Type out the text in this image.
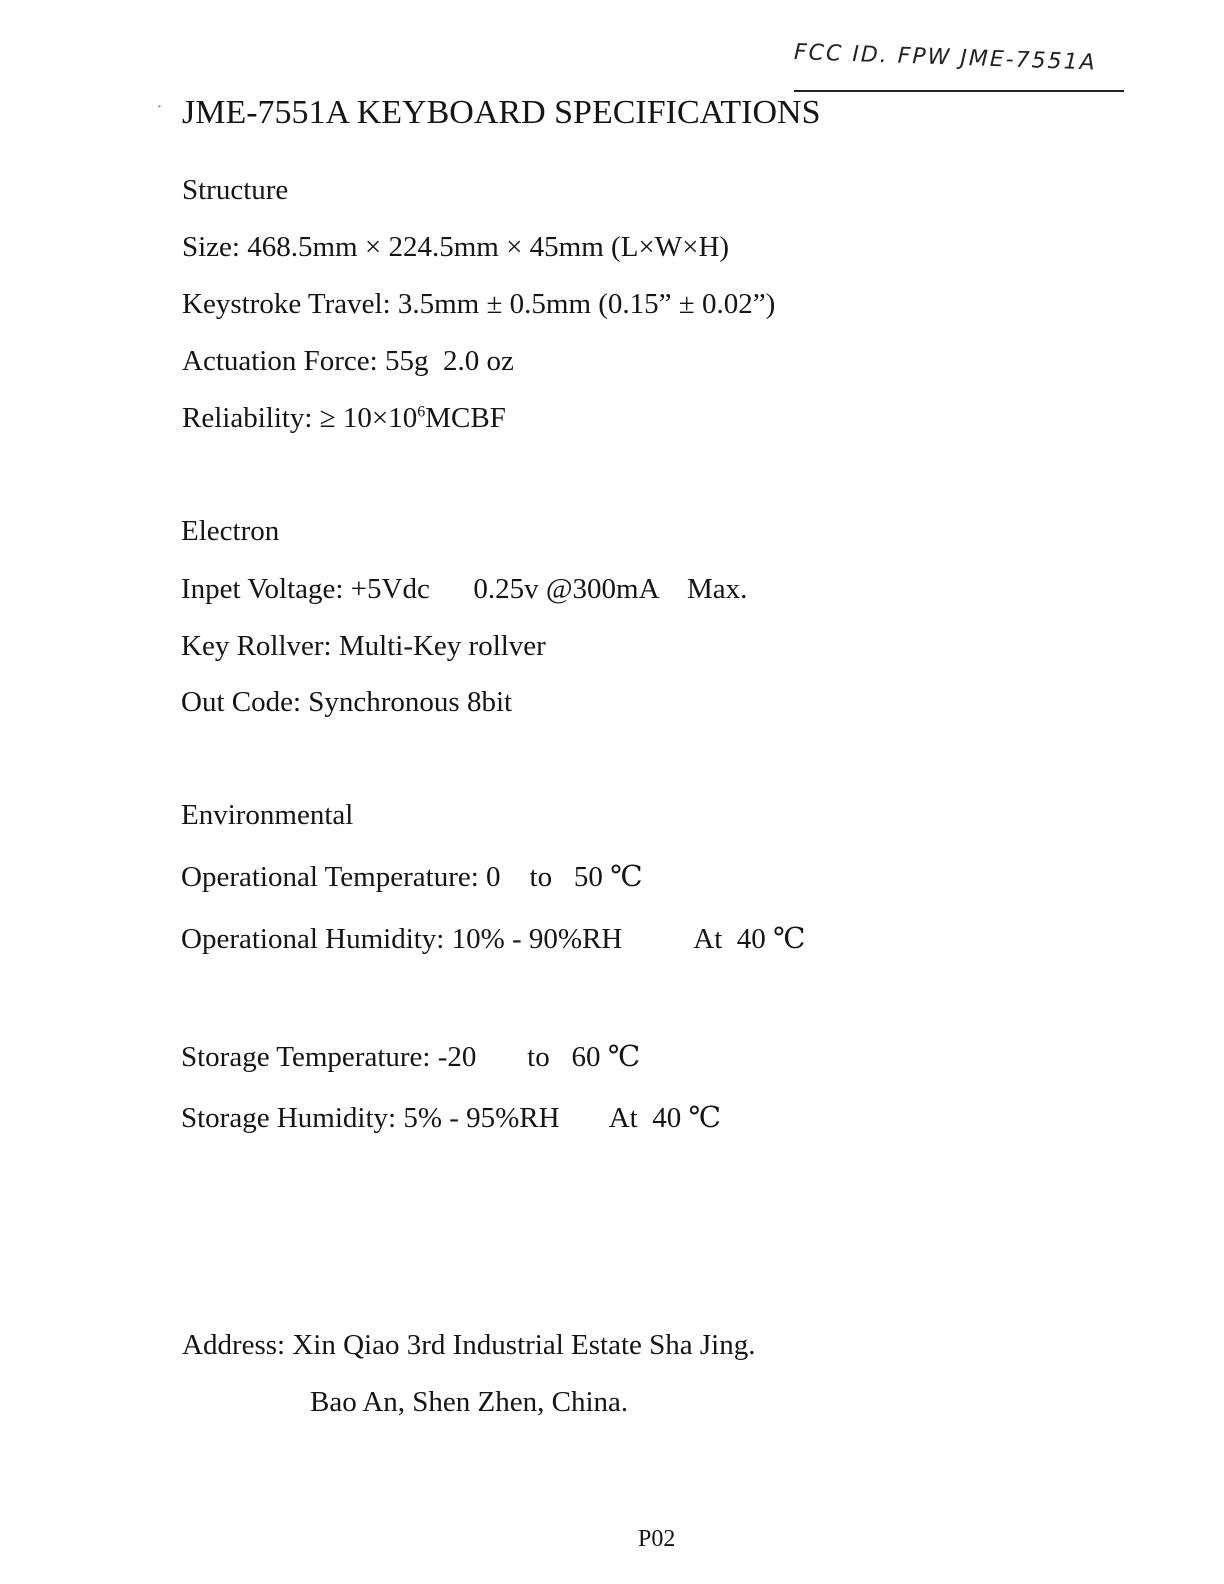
FCC ID. FPW JME-7551A
ˊ JME-7551A KEYBOARD SPECIFICATIONS
Structure
Size: 468.5mm × 224.5mm × 45mm (L×W×H)
Keystroke Travel: 3.5mm ± 0.5mm (0.15” ± 0.02”)
Actuation Force: 55g  2.0 oz
Reliability: ≥ $10\times 10^6MCBF$
Electron
Inpet Voltage: +5Vdc      0.25v @300mA    Max.
Key Rollver: Multi-Key rollver
Out Code: Synchronous 8bit
Environmental
Operational Temperature: 0    to   50 ℃
Operational Humidity: 10% - 90%RH          At  40 ℃
Storage Temperature: -20       to   60 ℃
Storage Humidity: 5% - 95%RH       At  40 ℃
Address: Xin Qiao 3rd Industrial Estate Sha Jing.
Bao An, Shen Zhen, China.
P02
